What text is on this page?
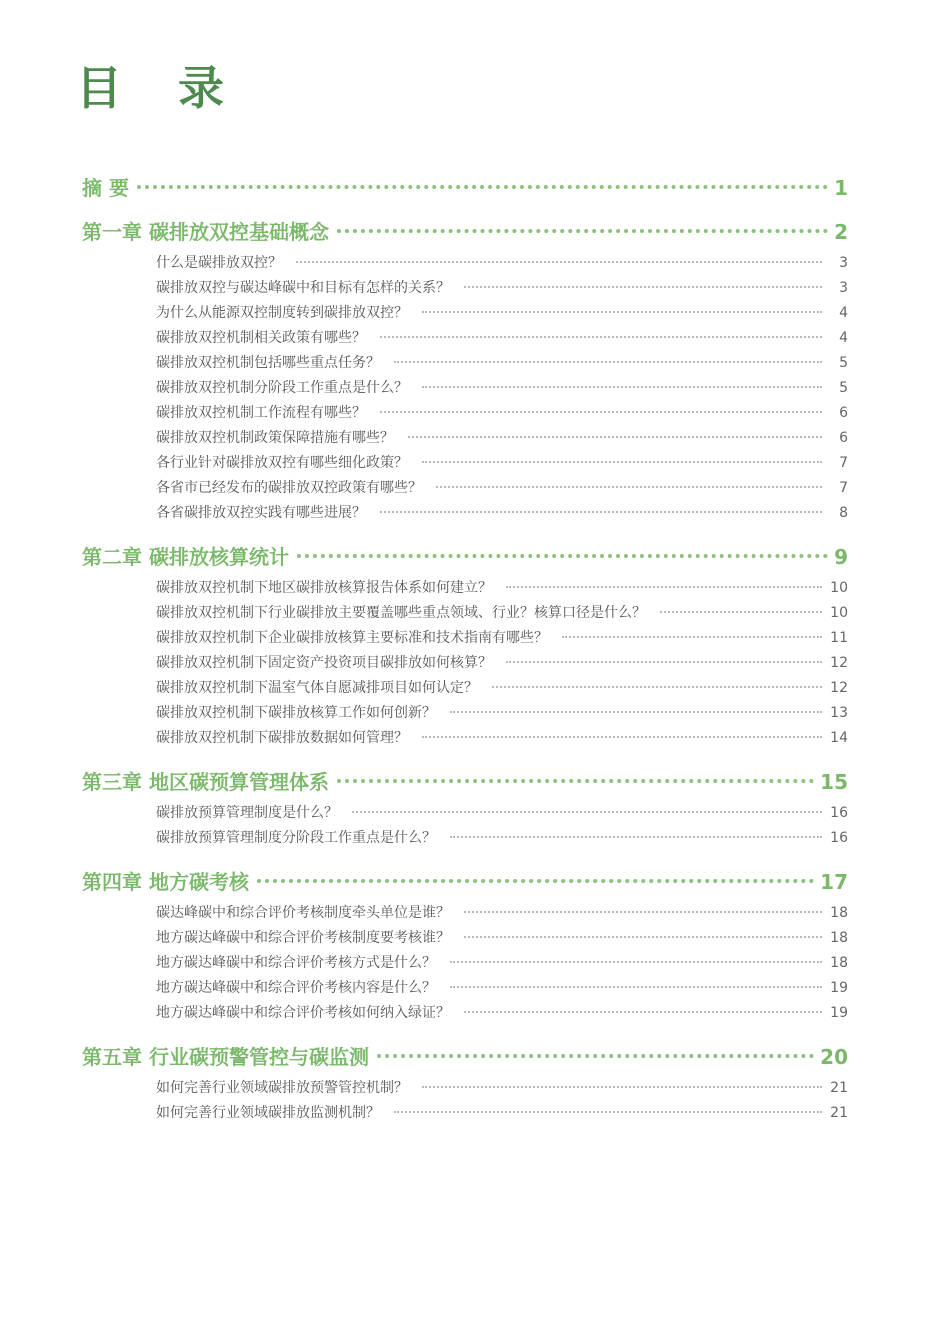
目 录
摘 要	1
第一章 碳排放双控基础概念	2
什么是碳排放双控？	3
碳排放双控与碳达峰碳中和目标有怎样的关系？	3
为什么从能源双控制度转到碳排放双控？	4
碳排放双控机制相关政策有哪些？	4
碳排放双控机制包括哪些重点任务？	5
碳排放双控机制分阶段工作重点是什么？	5
碳排放双控机制工作流程有哪些？	6
碳排放双控机制政策保障措施有哪些？	6
各行业针对碳排放双控有哪些细化政策？	7
各省市已经发布的碳排放双控政策有哪些？	7
各省碳排放双控实践有哪些进展？	8
第二章 碳排放核算统计	9
碳排放双控机制下地区碳排放核算报告体系如何建立？	10
碳排放双控机制下行业碳排放主要覆盖哪些重点领域、行业？核算口径是什么？	10
碳排放双控机制下企业碳排放核算主要标准和技术指南有哪些？	11
碳排放双控机制下固定资产投资项目碳排放如何核算？	12
碳排放双控机制下温室气体自愿减排项目如何认定？	12
碳排放双控机制下碳排放核算工作如何创新？	13
碳排放双控机制下碳排放数据如何管理？	14
第三章 地区碳预算管理体系	15
碳排放预算管理制度是什么？	16
碳排放预算管理制度分阶段工作重点是什么？	16
第四章 地方碳考核	17
碳达峰碳中和综合评价考核制度牵头单位是谁？	18
地方碳达峰碳中和综合评价考核制度要考核谁？	18
地方碳达峰碳中和综合评价考核方式是什么？	18
地方碳达峰碳中和综合评价考核内容是什么？	19
地方碳达峰碳中和综合评价考核如何纳入绿证？	19
第五章 行业碳预警管控与碳监测	20
如何完善行业领域碳排放预警管控机制？	21
如何完善行业领域碳排放监测机制？	21
